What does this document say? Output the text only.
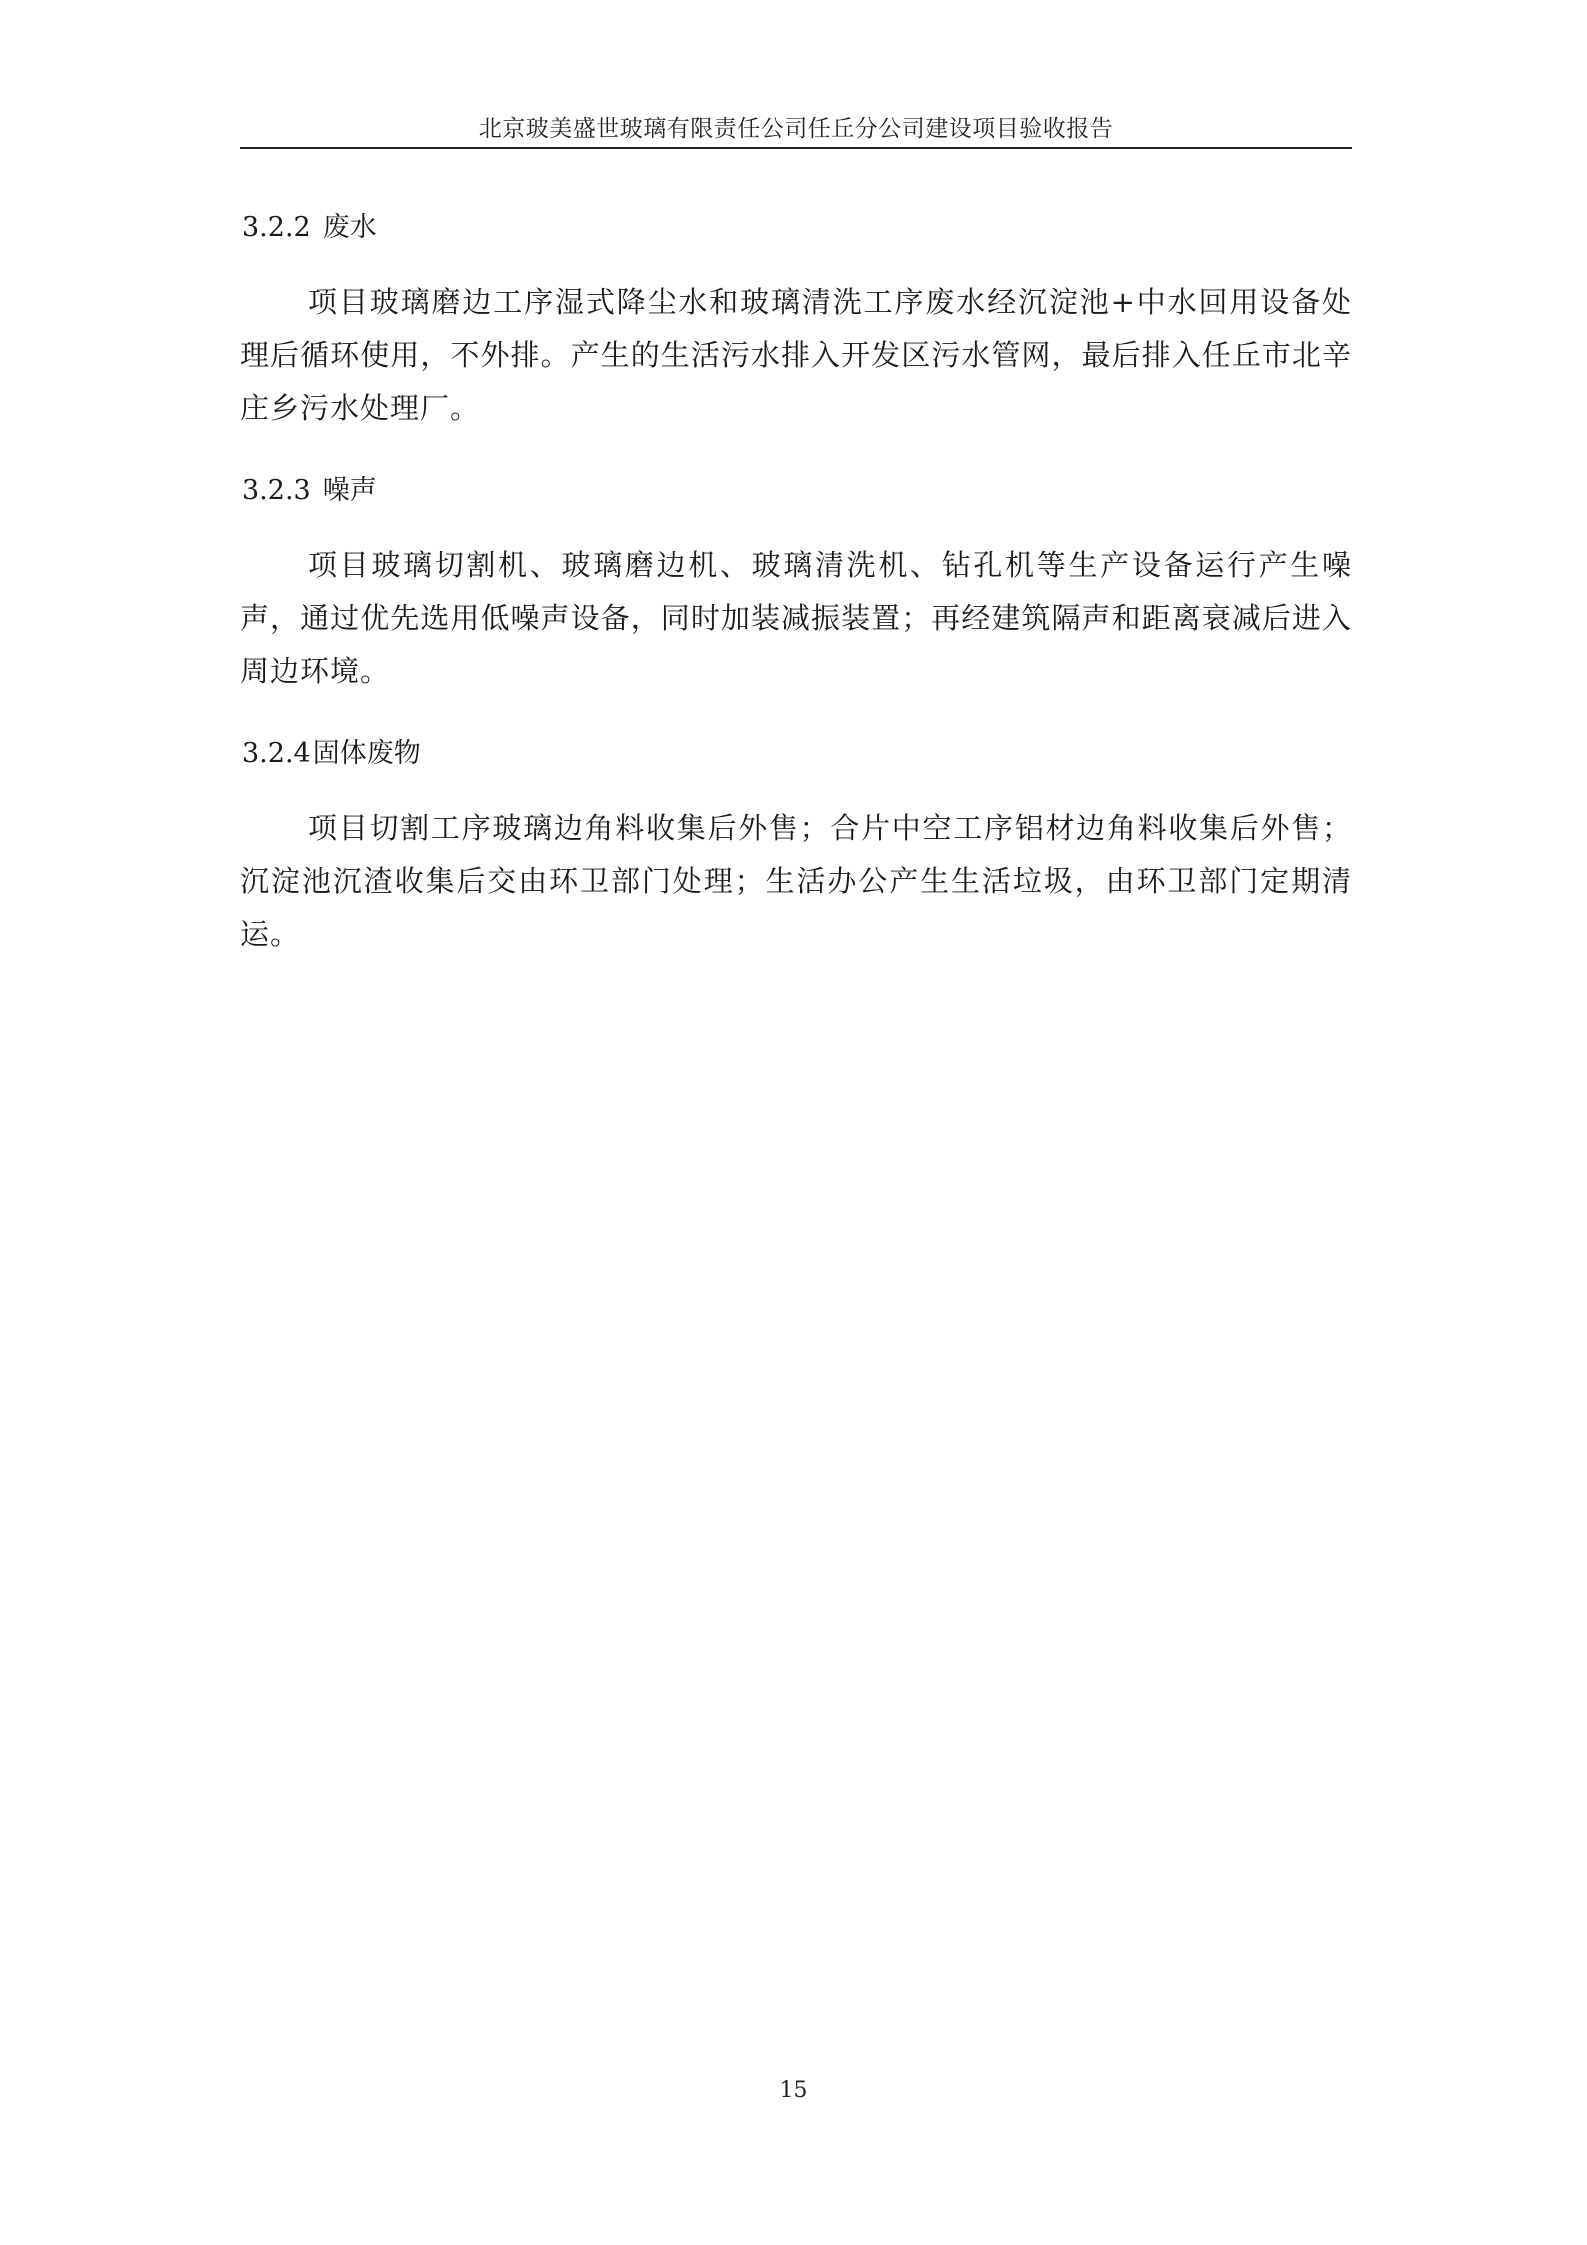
北京玻美盛世玻璃有限责任公司任丘分公司建设项目验收报告
3.2.2 废水

项目玻璃磨边工序湿式降尘水和玻璃清洗工序废水经沉淀池+中水回用设备处理后循环使用，不外排。产生的生活污水排入开发区污水管网，最后排入任丘市北辛庄乡污水处理厂。

3.2.3 噪声

项目玻璃切割机、玻璃磨边机、玻璃清洗机、钻孔机等生产设备运行产生噪声，通过优先选用低噪声设备，同时加装减振装置；再经建筑隔声和距离衰减后进入周边环境。

3.2.4固体废物

项目切割工序玻璃边角料收集后外售；合片中空工序铝材边角料收集后外售；沉淀池沉渣收集后交由环卫部门处理；生活办公产生生活垃圾，由环卫部门定期清运。

15
